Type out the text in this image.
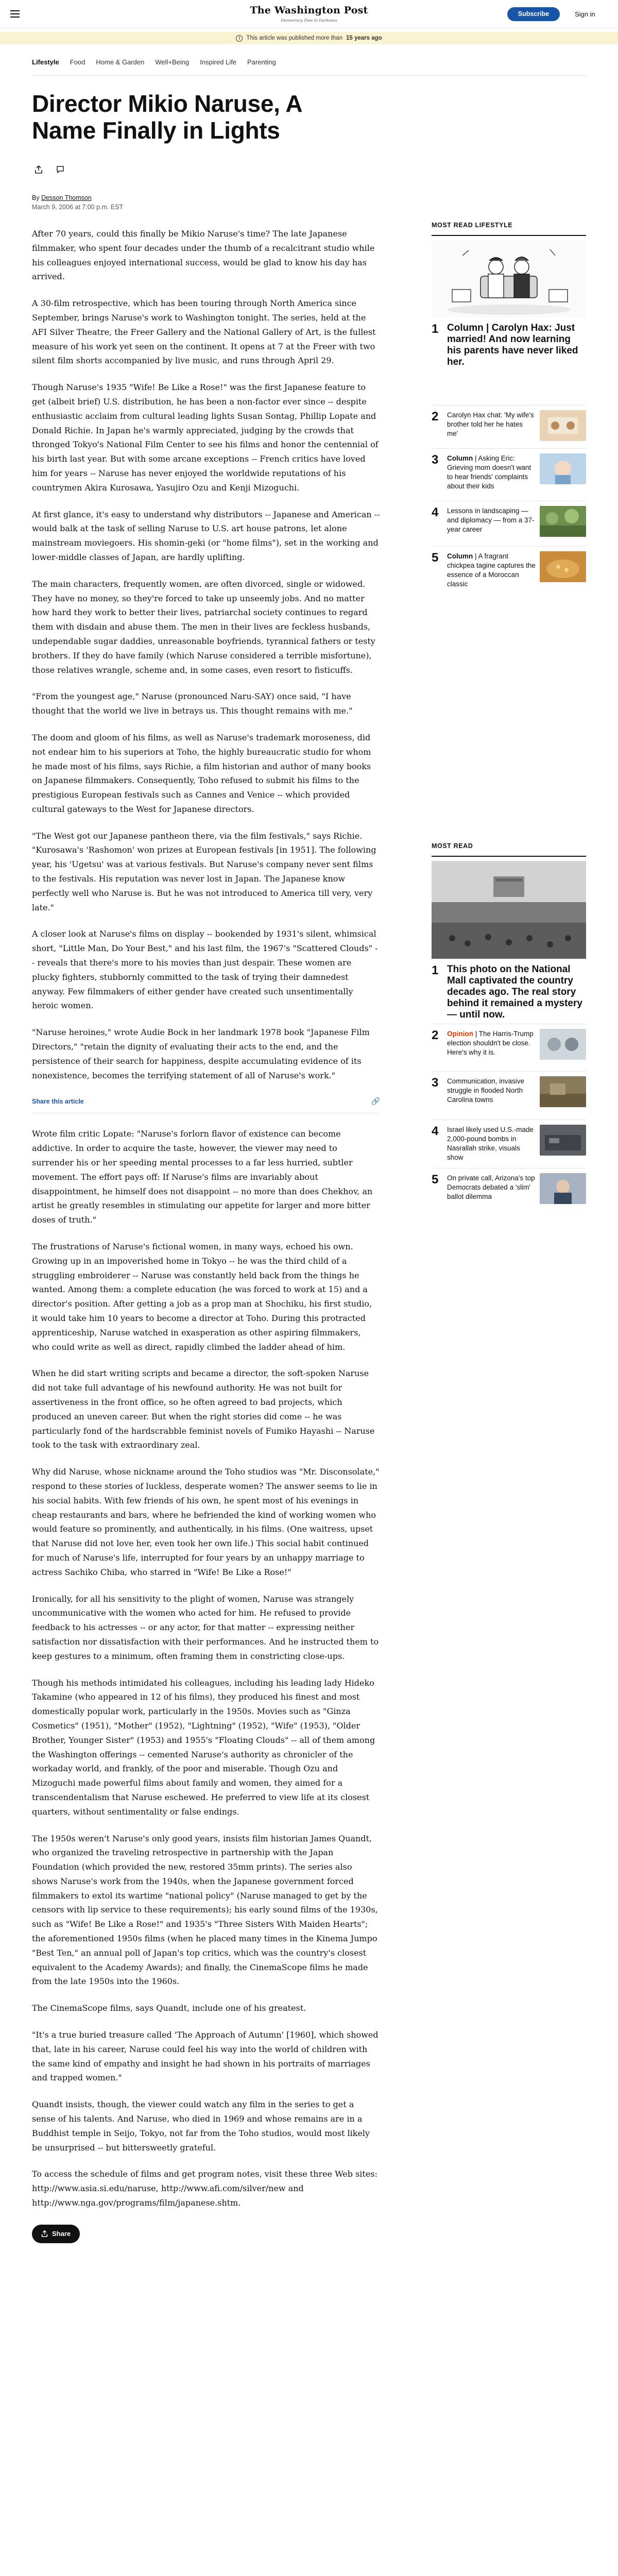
The Washington Post
Democracy Dies in Darkness
Subscribe	Sign in
!	This article was published more than 15 years ago
Lifestyle Food Home & Garden Well+Being Inspired Life Parenting
Director Mikio Naruse, A Name Finally in Lights
By Desson Thomson
March 9, 2006 at 7:00 p.m. EST

After 70 years, could this finally be Mikio Naruse's time? The late Japanese filmmaker, who spent four decades under the thumb of a recalcitrant studio while his colleagues enjoyed international success, would be glad to know his day has arrived.

A 30-film retrospective, which has been touring through North America since September, brings Naruse's work to Washington tonight. The series, held at the AFI Silver Theatre, the Freer Gallery and the National Gallery of Art, is the fullest measure of his work yet seen on the continent. It opens at 7 at the Freer with two silent film shorts accompanied by live music, and runs through April 29.

Though Naruse's 1935 "Wife! Be Like a Rose!" was the first Japanese feature to get (albeit brief) U.S. distribution, he has been a non-factor ever since -- despite enthusiastic acclaim from cultural leading lights Susan Sontag, Phillip Lopate and Donald Richie. In Japan he's warmly appreciated, judging by the crowds that thronged Tokyo's National Film Center to see his films and honor the centennial of his birth last year. But with some arcane exceptions -- French critics have loved him for years -- Naruse has never enjoyed the worldwide reputations of his countrymen Akira Kurosawa, Yasujiro Ozu and Kenji Mizoguchi.

At first glance, it's easy to understand why distributors -- Japanese and American -- would balk at the task of selling Naruse to U.S. art house patrons, let alone mainstream moviegoers. His shomin-geki (or "home films"), set in the working and lower-middle classes of Japan, are hardly uplifting.

The main characters, frequently women, are often divorced, single or widowed. They have no money, so they're forced to take up unseemly jobs. And no matter how hard they work to better their lives, patriarchal society continues to regard them with disdain and abuse them. The men in their lives are feckless husbands, undependable sugar daddies, unreasonable boyfriends, tyrannical fathers or testy brothers. If they do have family (which Naruse considered a terrible misfortune), those relatives wrangle, scheme and, in some cases, even resort to fisticuffs.

"From the youngest age," Naruse (pronounced Naru-SAY) once said, "I have thought that the world we live in betrays us. This thought remains with me."

The doom and gloom of his films, as well as Naruse's trademark moroseness, did not endear him to his superiors at Toho, the highly bureaucratic studio for whom he made most of his films, says Richie, a film historian and author of many books on Japanese filmmakers. Consequently, Toho refused to submit his films to the prestigious European festivals such as Cannes and Venice -- which provided cultural gateways to the West for Japanese directors.

"The West got our Japanese pantheon there, via the film festivals," says Richie. "Kurosawa's 'Rashomon' won prizes at European festivals [in 1951]. The following year, his 'Ugetsu' was at various festivals. But Naruse's company never sent films to the festivals. His reputation was never lost in Japan. The Japanese know perfectly well who Naruse is. But he was not introduced to America till very, very late."

A closer look at Naruse's films on display -- bookended by 1931's silent, whimsical short, "Little Man, Do Your Best," and his last film, the 1967's "Scattered Clouds" -- reveals that there's more to his movies than just despair. These women are plucky fighters, stubbornly committed to the task of trying their damnedest anyway. Few filmmakers of either gender have created such unsentimentally heroic women.

"Naruse heroines," wrote Audie Bock in her landmark 1978 book "Japanese Film Directors," "retain the dignity of evaluating their acts to the end, and the persistence of their search for happiness, despite accumulating evidence of its nonexistence, becomes the terrifying statement of all of Naruse's work."

Share this article	🔗

Wrote film critic Lopate: "Naruse's forlorn flavor of existence can become addictive. In order to acquire the taste, however, the viewer may need to surrender his or her speeding mental processes to a far less hurried, subtler movement. The effort pays off: If Naruse's films are invariably about disappointment, he himself does not disappoint -- no more than does Chekhov, an artist he greatly resembles in stimulating our appetite for larger and more bitter doses of truth."

The frustrations of Naruse's fictional women, in many ways, echoed his own. Growing up in an impoverished home in Tokyo -- he was the third child of a struggling embroiderer -- Naruse was constantly held back from the things he wanted. Among them: a complete education (he was forced to work at 15) and a director's position. After getting a job as a prop man at Shochiku, his first studio, it would take him 10 years to become a director at Toho. During this protracted apprenticeship, Naruse watched in exasperation as other aspiring filmmakers, who could write as well as direct, rapidly climbed the ladder ahead of him.

When he did start writing scripts and became a director, the soft-spoken Naruse did not take full advantage of his newfound authority. He was not built for assertiveness in the front office, so he often agreed to bad projects, which produced an uneven career. But when the right stories did come -- he was particularly fond of the hardscrabble feminist novels of Fumiko Hayashi -- Naruse took to the task with extraordinary zeal.

Why did Naruse, whose nickname around the Toho studios was "Mr. Disconsolate," respond to these stories of luckless, desperate women? The answer seems to lie in his social habits. With few friends of his own, he spent most of his evenings in cheap restaurants and bars, where he befriended the kind of working women who would feature so prominently, and authentically, in his films. (One waitress, upset that Naruse did not love her, even took her own life.) This social habit continued for much of Naruse's life, interrupted for four years by an unhappy marriage to actress Sachiko Chiba, who starred in "Wife! Be Like a Rose!"

Ironically, for all his sensitivity to the plight of women, Naruse was strangely uncommunicative with the women who acted for him. He refused to provide feedback to his actresses -- or any actor, for that matter -- expressing neither satisfaction nor dissatisfaction with their performances. And he instructed them to keep gestures to a minimum, often framing them in constricting close-ups.

Though his methods intimidated his colleagues, including his leading lady Hideko Takamine (who appeared in 12 of his films), they produced his finest and most domestically popular work, particularly in the 1950s. Movies such as "Ginza Cosmetics" (1951), "Mother" (1952), "Lightning" (1952), "Wife" (1953), "Older Brother, Younger Sister" (1953) and 1955's "Floating Clouds" -- all of them among the Washington offerings -- cemented Naruse's authority as chronicler of the workaday world, and frankly, of the poor and miserable. Though Ozu and Mizoguchi made powerful films about family and women, they aimed for a transcendentalism that Naruse eschewed. He preferred to view life at its closest quarters, without sentimentality or false endings.

The 1950s weren't Naruse's only good years, insists film historian James Quandt, who organized the traveling retrospective in partnership with the Japan Foundation (which provided the new, restored 35mm prints). The series also shows Naruse's work from the 1940s, when the Japanese government forced filmmakers to extol its wartime "national policy" (Naruse managed to get by the censors with lip service to these requirements); his early sound films of the 1930s, such as "Wife! Be Like a Rose!" and 1935's "Three Sisters With Maiden Hearts"; the aforementioned 1950s films (when he placed many times in the Kinema Jumpo "Best Ten," an annual poll of Japan's top critics, which was the country's closest equivalent to the Academy Awards); and finally, the CinemaScope films he made from the late 1950s into the 1960s.

The CinemaScope films, says Quandt, include one of his greatest.

"It's a true buried treasure called 'The Approach of Autumn' [1960], which showed that, late in his career, Naruse could feel his way into the world of children with the same kind of empathy and insight he had shown in his portraits of marriages and trapped women."

Quandt insists, though, the viewer could watch any film in the series to get a sense of his talents. And Naruse, who died in 1969 and whose remains are in a Buddhist temple in Seijo, Tokyo, not far from the Toho studios, would most likely be unsurprised -- but bittersweetly grateful.

To access the schedule of films and get program notes, visit these three Web sites: http://www.asia.si.edu/naruse, http://www.afi.com/silver/new and http://www.nga.gov/programs/film/japanese.shtm.

Share
MOST READ LIFESTYLE
1 Column | Carolyn Hax: Just married! And now learning his parents have never liked her.
2 Carolyn Hax chat: 'My wife's brother told her he hates me'
3 Column | Asking Eric: Grieving mom doesn't want to hear friends' complaints about their kids
4 Lessons in landscaping — and diplomacy — from a 37-year career
5 Column | A fragrant chickpea tagine captures the essence of a Moroccan classic
MOST READ
1 This photo on the National Mall captivated the country decades ago. The real story behind it remained a mystery — until now.
2 Opinion | The Harris-Trump election shouldn't be close. Here's why it is.
3 Communication, invasive struggle in flooded North Carolina towns
4 Israel likely used U.S.-made 2,000-pound bombs in Nasrallah strike, visuals show
5 On private call, Arizona's top Democrats debated a 'slim' ballot dilemma
